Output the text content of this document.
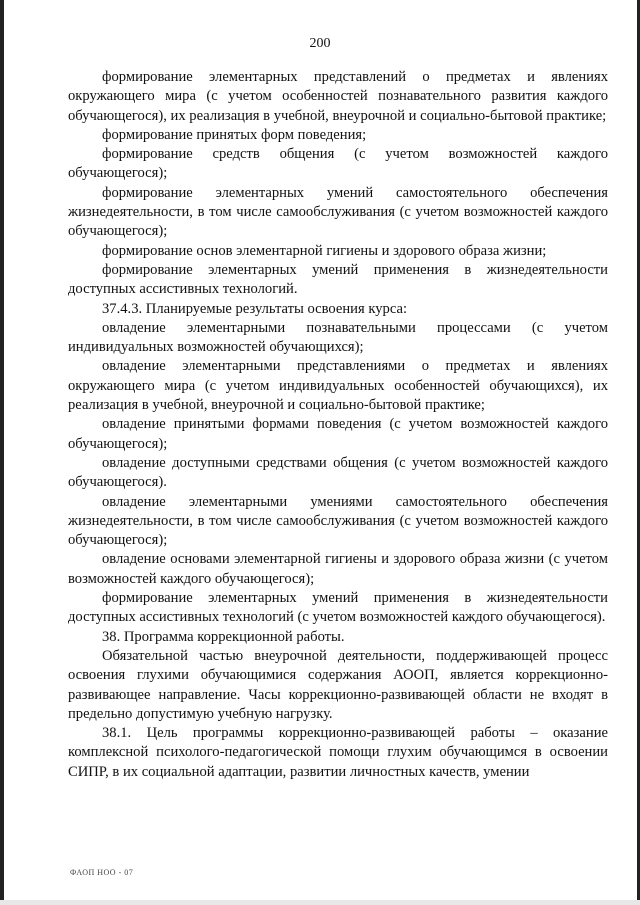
200

формирование элементарных представлений о предметах и явлениях окружающего мира (с учетом особенностей познавательного развития каждого обучающегося), их реализация в учебной, внеурочной и социально-бытовой практике;

формирование принятых форм поведения;

формирование средств общения (с учетом возможностей каждого обучающегося);

формирование элементарных умений самостоятельного обеспечения жизнедеятельности, в том числе самообслуживания (с учетом возможностей каждого обучающегося);

формирование основ элементарной гигиены и здорового образа жизни;

формирование элементарных умений применения в жизнедеятельности доступных ассистивных технологий.

37.4.3. Планируемые результаты освоения курса:

овладение элементарными познавательными процессами (с учетом индивидуальных возможностей обучающихся);

овладение элементарными представлениями о предметах и явлениях окружающего мира (с учетом индивидуальных особенностей обучающихся), их реализация в учебной, внеурочной и социально-бытовой практике;

овладение принятыми формами поведения (с учетом возможностей каждого обучающегося);

овладение доступными средствами общения (с учетом возможностей каждого обучающегося).

овладение элементарными умениями самостоятельного обеспечения жизнедеятельности, в том числе самообслуживания (с учетом возможностей каждого обучающегося);

овладение основами элементарной гигиены и здорового образа жизни (с учетом возможностей каждого обучающегося);

формирование элементарных умений применения в жизнедеятельности доступных ассистивных технологий (с учетом возможностей каждого обучающегося).

38. Программа коррекционной работы.

Обязательной частью внеурочной деятельности, поддерживающей процесс освоения глухими обучающимися содержания АООП, является коррекционно-развивающее направление. Часы коррекционно-развивающей области не входят в предельно допустимую учебную нагрузку.

38.1. Цель программы коррекционно-развивающей работы – оказание комплексной психолого-педагогической помощи глухим обучающимся в освоении СИПР, в их социальной адаптации, развитии личностных качеств, умении

ФАОП НОО - 07
